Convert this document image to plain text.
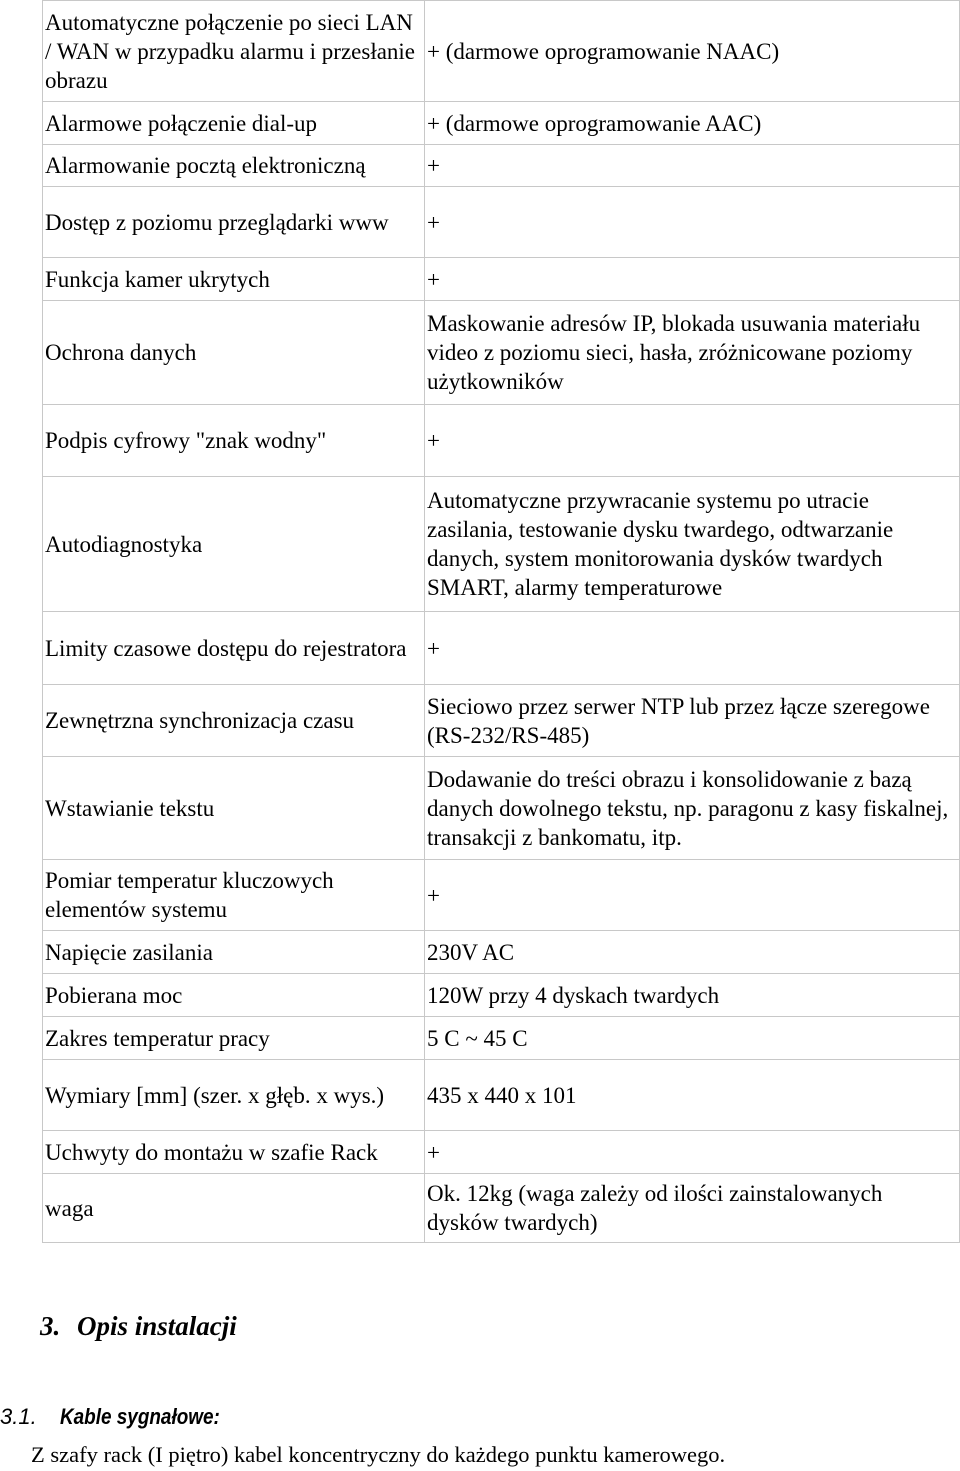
Automatyczne połączenie po sieci LAN / WAN w przypadku alarmu i przesłanie obrazu	+ (darmowe oprogramowanie NAAC)
Alarmowe połączenie dial-up	+ (darmowe oprogramowanie AAC)
Alarmowanie pocztą elektroniczną	+
Dostęp z poziomu przeglądarki www	+
Funkcja kamer ukrytych	+
Ochrona danych	Maskowanie adresów IP, blokada usuwania materiału video z poziomu sieci, hasła, zróżnicowane poziomy użytkowników
Podpis cyfrowy "znak wodny"	+
Autodiagnostyka	Automatyczne przywracanie systemu po utracie zasilania, testowanie dysku twardego, odtwarzanie danych, system monitorowania dysków twardych SMART, alarmy temperaturowe
Limity czasowe dostępu do rejestratora	+
Zewnętrzna synchronizacja czasu	Sieciowo przez serwer NTP lub przez łącze szeregowe (RS-232/RS-485)
Wstawianie tekstu	Dodawanie do treści obrazu i konsolidowanie z bazą danych dowolnego tekstu, np. paragonu z kasy fiskalnej, transakcji z bankomatu, itp.
Pomiar temperatur kluczowych elementów systemu	+
Napięcie zasilania	230V AC
Pobierana moc	120W przy 4 dyskach twardych
Zakres temperatur pracy	5 C ~ 45 C
Wymiary [mm] (szer. x głęb. x wys.)	435 x 440 x 101
Uchwyty do montażu w szafie Rack	+
waga	Ok. 12kg (waga zależy od ilości zainstalowanych dysków twardych)
3. Opis instalacji
3.1. Kable sygnałowe:
Z szafy rack (I piętro) kabel koncentryczny do każdego punktu kamerowego.
